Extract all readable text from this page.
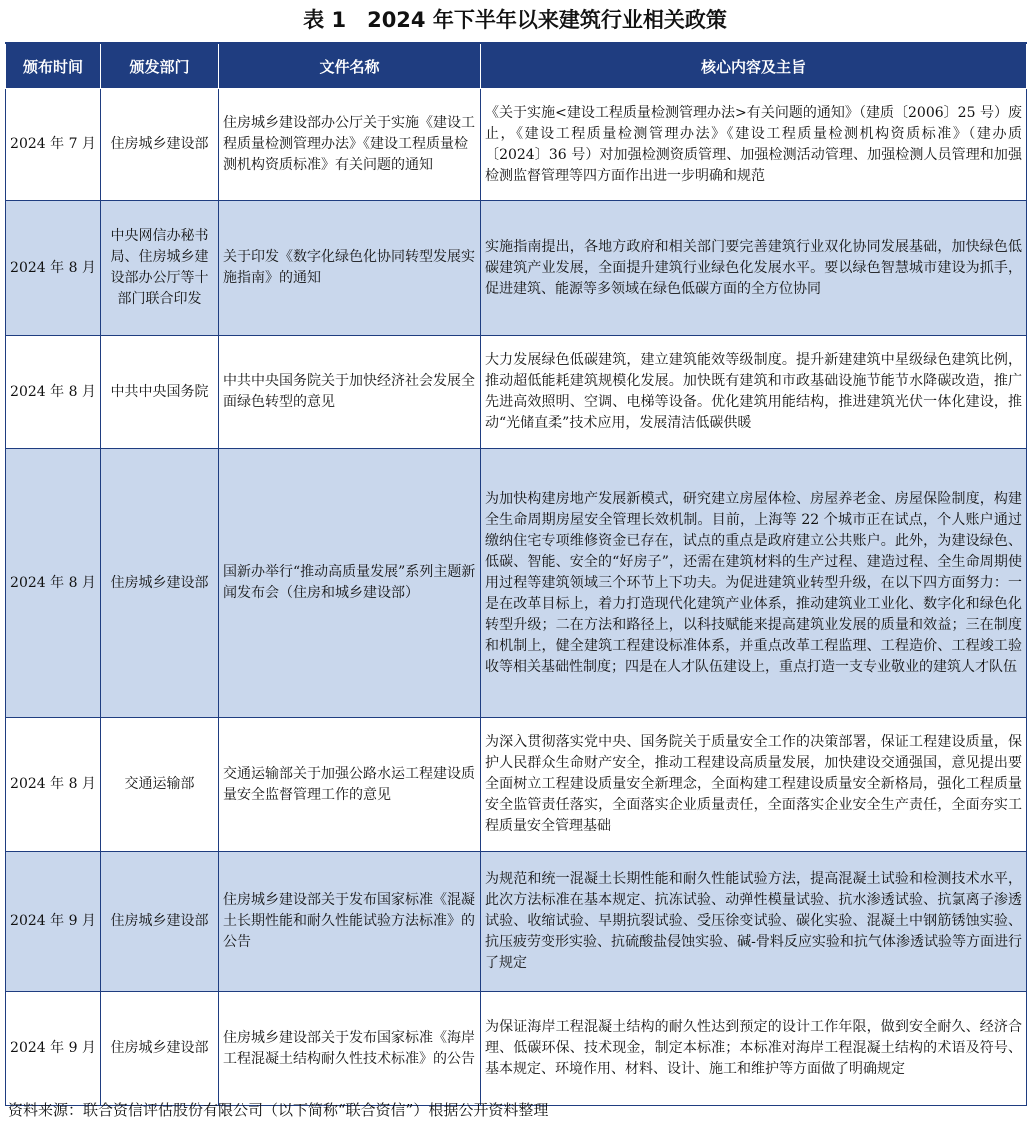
表 1　2024 年下半年以来建筑行业相关政策
颁布时间	颁发部门	文件名称	核心内容及主旨
2024 年 7 月	住房城乡建设部	住房城乡建设部办公厅关于实施《建设工程质量检测管理办法》《建设工程质量检测机构资质标准》有关问题的通知	《关于实施<建设工程质量检测管理办法>有关问题的通知》（建质〔2006〕25 号）废止，《建设工程质量检测管理办法》《建设工程质量检测机构资质标准》（建办质〔2024〕36 号）对加强检测资质管理、加强检测活动管理、加强检测人员管理和加强检测监督管理等四方面作出进一步明确和规范
2024 年 8 月	中央网信办秘书局、住房城乡建设部办公厅等十部门联合印发	关于印发《数字化绿色化协同转型发展实施指南》的通知	实施指南提出，各地方政府和相关部门要完善建筑行业双化协同发展基础，加快绿色低碳建筑产业发展，全面提升建筑行业绿色化发展水平。要以绿色智慧城市建设为抓手，促进建筑、能源等多领域在绿色低碳方面的全方位协同
2024 年 8 月	中共中央国务院	中共中央国务院关于加快经济社会发展全面绿色转型的意见	大力发展绿色低碳建筑，建立建筑能效等级制度。提升新建建筑中星级绿色建筑比例，推动超低能耗建筑规模化发展。加快既有建筑和市政基础设施节能节水降碳改造，推广先进高效照明、空调、电梯等设备。优化建筑用能结构，推进建筑光伏一体化建设，推动“光储直柔”技术应用，发展清洁低碳供暖
2024 年 8 月	住房城乡建设部	国新办举行“推动高质量发展”系列主题新闻发布会（住房和城乡建设部）	为加快构建房地产发展新模式，研究建立房屋体检、房屋养老金、房屋保险制度，构建全生命周期房屋安全管理长效机制。目前，上海等 22 个城市正在试点，个人账户通过缴纳住宅专项维修资金已存在，试点的重点是政府建立公共账户。此外，为建设绿色、低碳、智能、安全的“好房子”，还需在建筑材料的生产过程、建造过程、全生命周期使用过程等建筑领域三个环节上下功夫。为促进建筑业转型升级，在以下四方面努力：一是在改革目标上，着力打造现代化建筑产业体系，推动建筑业工业化、数字化和绿色化转型升级；二在方法和路径上，以科技赋能来提高建筑业发展的质量和效益；三在制度和机制上，健全建筑工程建设标准体系，并重点改革工程监理、工程造价、工程竣工验收等相关基础性制度；四是在人才队伍建设上，重点打造一支专业敬业的建筑人才队伍
2024 年 8 月	交通运输部	交通运输部关于加强公路水运工程建设质量安全监督管理工作的意见	为深入贯彻落实党中央、国务院关于质量安全工作的决策部署，保证工程建设质量，保护人民群众生命财产安全，推动工程建设高质量发展，加快建设交通强国，意见提出要全面树立工程建设质量安全新理念，全面构建工程建设质量安全新格局，强化工程质量安全监管责任落实，全面落实企业质量责任，全面落实企业安全生产责任，全面夯实工程质量安全管理基础
2024 年 9 月	住房城乡建设部	住房城乡建设部关于发布国家标准《混凝土长期性能和耐久性能试验方法标准》的公告	为规范和统一混凝土长期性能和耐久性能试验方法，提高混凝土试验和检测技术水平，此次方法标准在基本规定、抗冻试验、动弹性模量试验、抗水渗透试验、抗氯离子渗透试验、收缩试验、早期抗裂试验、受压徐变试验、碳化实验、混凝土中钢筋锈蚀实验、抗压疲劳变形实验、抗硫酸盐侵蚀实验、碱-骨料反应实验和抗气体渗透试验等方面进行了规定
2024 年 9 月	住房城乡建设部	住房城乡建设部关于发布国家标准《海岸工程混凝土结构耐久性技术标准》的公告	为保证海岸工程混凝土结构的耐久性达到预定的设计工作年限，做到安全耐久、经济合理、低碳环保、技术现金，制定本标准；本标准对海岸工程混凝土结构的术语及符号、基本规定、环境作用、材料、设计、施工和维护等方面做了明确规定
资料来源：联合资信评估股份有限公司（以下简称“联合资信”）根据公开资料整理
